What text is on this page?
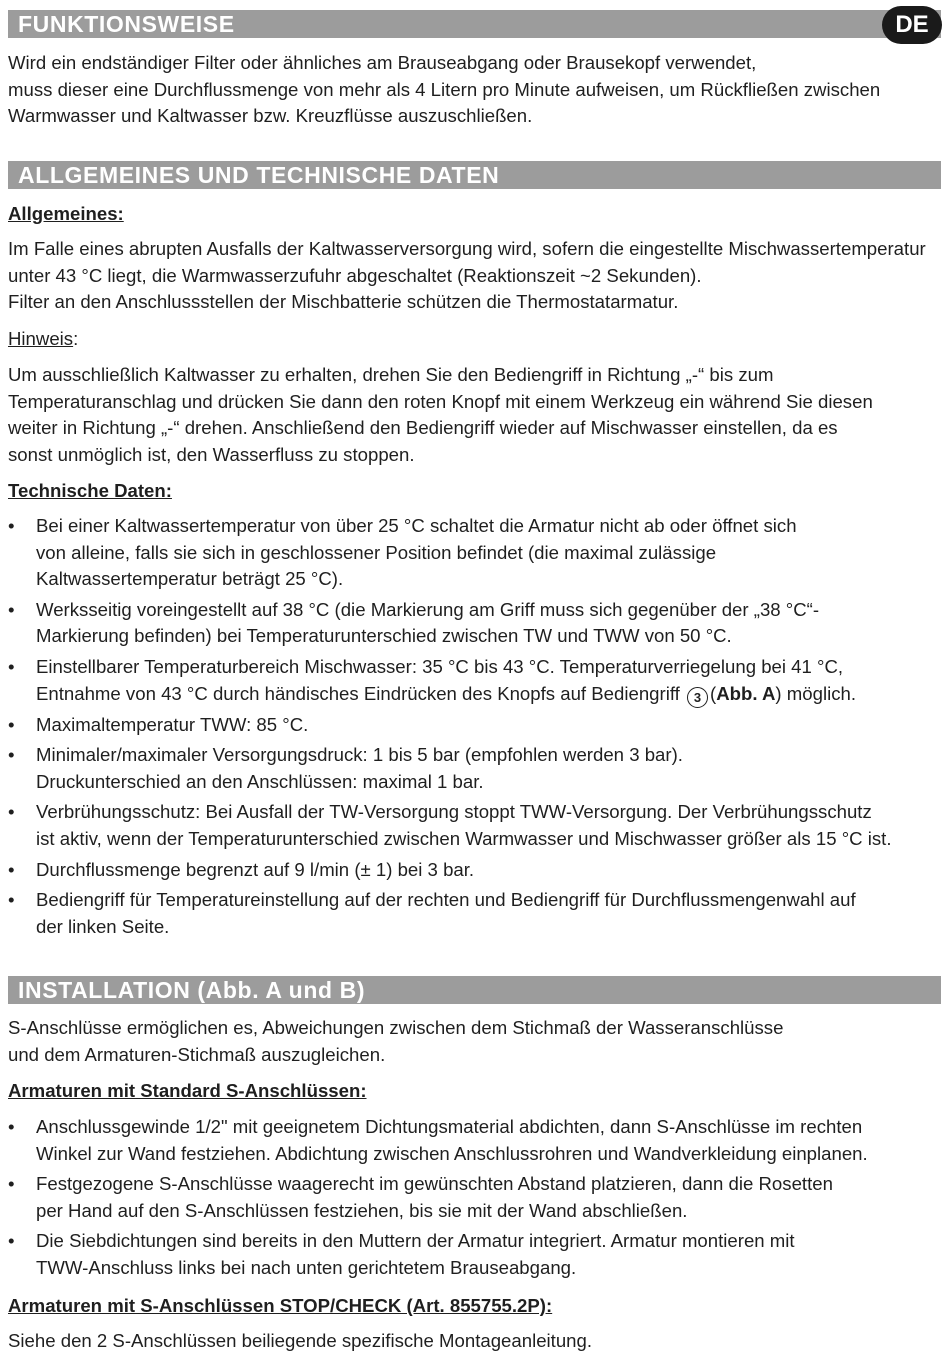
FUNKTIONSWEISE	DE
Wird ein endständiger Filter oder ähnliches am Brauseabgang oder Brausekopf verwendet,
muss dieser eine Durchflussmenge von mehr als 4 Litern pro Minute aufweisen, um Rückfließen zwischen
Warmwasser und Kaltwasser bzw. Kreuzflüsse auszuschließen.
ALLGEMEINES UND TECHNISCHE DATEN
Allgemeines:
Im Falle eines abrupten Ausfalls der Kaltwasserversorgung wird, sofern die eingestellte Mischwassertemperatur
unter 43 °C liegt, die Warmwasserzufuhr abgeschaltet (Reaktionszeit ~2 Sekunden).
Filter an den Anschlussstellen der Mischbatterie schützen die Thermostatarmatur.
Hinweis:
Um ausschließlich Kaltwasser zu erhalten, drehen Sie den Bediengriff in Richtung „-“ bis zum
Temperaturanschlag und drücken Sie dann den roten Knopf mit einem Werkzeug ein während Sie diesen
weiter in Richtung „-“ drehen. Anschließend den Bediengriff wieder auf Mischwasser einstellen, da es
sonst unmöglich ist, den Wasserfluss zu stoppen.
Technische Daten:
• Bei einer Kaltwassertemperatur von über 25 °C schaltet die Armatur nicht ab oder öffnet sich
von alleine, falls sie sich in geschlossener Position befindet (die maximal zulässige
Kaltwassertemperatur beträgt 25 °C).
• Werksseitig voreingestellt auf 38 °C (die Markierung am Griff muss sich gegenüber der „38 °C“-
Markierung befinden) bei Temperaturunterschied zwischen TW und TWW von 50 °C.
• Einstellbarer Temperaturbereich Mischwasser: 35 °C bis 43 °C. Temperaturverriegelung bei 41 °C,
Entnahme von 43 °C durch händisches Eindrücken des Knopfs auf Bediengriff 3 (Abb. A) möglich.
• Maximaltemperatur TWW: 85 °C.
• Minimaler/maximaler Versorgungsdruck: 1 bis 5 bar (empfohlen werden 3 bar).
Druckunterschied an den Anschlüssen: maximal 1 bar.
• Verbrühungsschutz: Bei Ausfall der TW-Versorgung stoppt TWW-Versorgung. Der Verbrühungsschutz
ist aktiv, wenn der Temperaturunterschied zwischen Warmwasser und Mischwasser größer als 15 °C ist.
• Durchflussmenge begrenzt auf 9 l/min (± 1) bei 3 bar.
• Bediengriff für Temperatureinstellung auf der rechten und Bediengriff für Durchflussmengenwahl auf
der linken Seite.
INSTALLATION (Abb. A und B)
S-Anschlüsse ermöglichen es, Abweichungen zwischen dem Stichmaß der Wasseranschlüsse
und dem Armaturen-Stichmaß auszugleichen.
Armaturen mit Standard S-Anschlüssen:
• Anschlussgewinde 1/2" mit geeignetem Dichtungsmaterial abdichten, dann S-Anschlüsse im rechten
Winkel zur Wand festziehen. Abdichtung zwischen Anschlussrohren und Wandverkleidung einplanen.
• Festgezogene S-Anschlüsse waagerecht im gewünschten Abstand platzieren, dann die Rosetten
per Hand auf den S-Anschlüssen festziehen, bis sie mit der Wand abschließen.
• Die Siebdichtungen sind bereits in den Muttern der Armatur integriert. Armatur montieren mit
TWW-Anschluss links bei nach unten gerichtetem Brauseabgang.
Armaturen mit S-Anschlüssen STOP/CHECK (Art. 855755.2P):
Siehe den 2 S-Anschlüssen beiliegende spezifische Montageanleitung.
